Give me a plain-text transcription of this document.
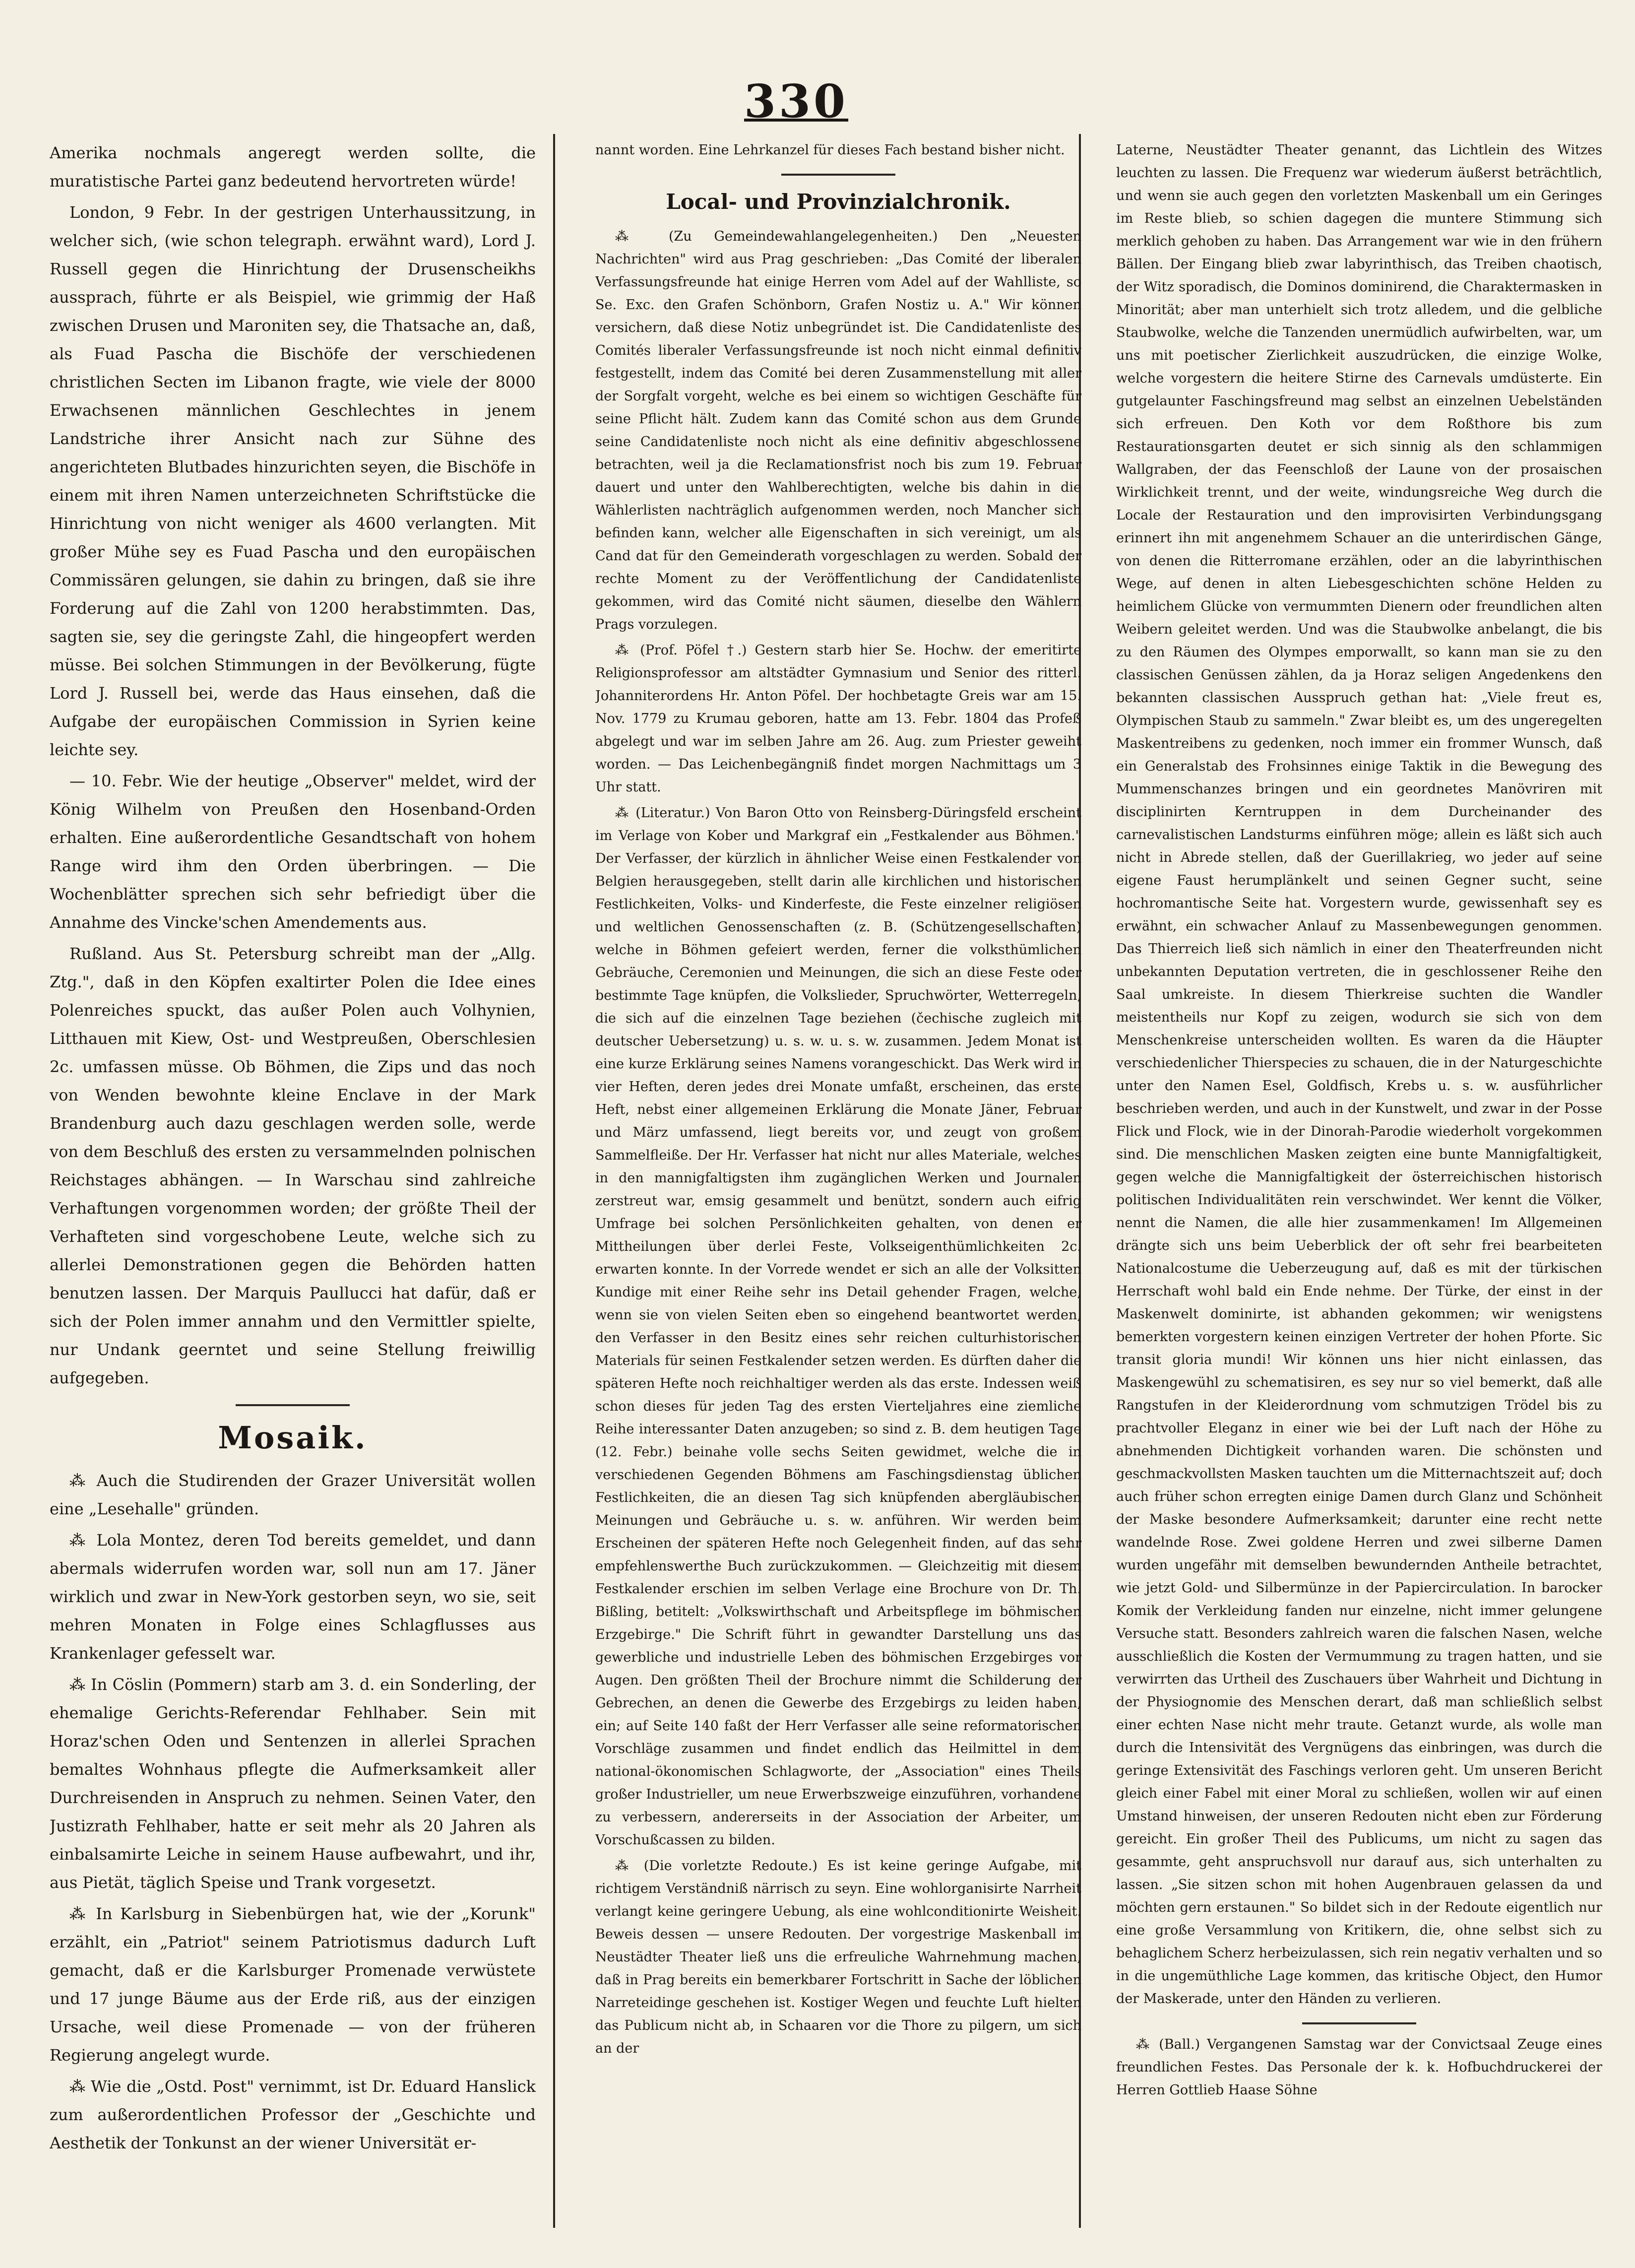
330

Amerika nochmals angeregt werden sollte, die muratistische Partei ganz bedeutend hervortreten würde!

London, 9 Febr. In der gestrigen Unterhaussitzung, in welcher sich, (wie schon telegraph. erwähnt ward), Lord J. Russell gegen die Hinrichtung der Drusenscheikhs aussprach, führte er als Beispiel, wie grimmig der Haß zwischen Drusen und Maroniten sey, die Thatsache an, daß, als Fuad Pascha die Bischöfe der verschiedenen christlichen Secten im Libanon fragte, wie viele der 8000 Erwachsenen männlichen Geschlechtes in jenem Landstriche ihrer Ansicht nach zur Sühne des angerichteten Blutbades hinzurichten seyen, die Bischöfe in einem mit ihren Namen unterzeichneten Schriftstücke die Hinrichtung von nicht weniger als 4600 verlangten. Mit großer Mühe sey es Fuad Pascha und den europäischen Commissären gelungen, sie dahin zu bringen, daß sie ihre Forderung auf die Zahl von 1200 herabstimmten. Das, sagten sie, sey die geringste Zahl, die hingeopfert werden müsse. Bei solchen Stimmungen in der Bevölkerung, fügte Lord J. Russell bei, werde das Haus einsehen, daß die Aufgabe der europäischen Commission in Syrien keine leichte sey.

— 10. Febr. Wie der heutige „Observer" meldet, wird der König Wilhelm von Preußen den Hosenband-Orden erhalten. Eine außerordentliche Gesandtschaft von hohem Range wird ihm den Orden überbringen. — Die Wochenblätter sprechen sich sehr befriedigt über die Annahme des Vincke'schen Amendements aus.

Rußland. Aus St. Petersburg schreibt man der „Allg. Ztg.", daß in den Köpfen exaltirter Polen die Idee eines Polenreiches spuckt, das außer Polen auch Volhynien, Litthauen mit Kiew, Ost- und Westpreußen, Oberschlesien 2c. umfassen müsse. Ob Böhmen, die Zips und das noch von Wenden bewohnte kleine Enclave in der Mark Brandenburg auch dazu geschlagen werden solle, werde von dem Beschluß des ersten zu versammelnden polnischen Reichstages abhängen. — In Warschau sind zahlreiche Verhaftungen vorgenommen worden; der größte Theil der Verhafteten sind vorgeschobene Leute, welche sich zu allerlei Demonstrationen gegen die Behörden hatten benutzen lassen. Der Marquis Paullucci hat dafür, daß er sich der Polen immer annahm und den Vermittler spielte, nur Undank geerntet und seine Stellung freiwillig aufgegeben.

Mosaik.

⁂ Auch die Studirenden der Grazer Universität wollen eine „Lesehalle" gründen.

⁂ Lola Montez, deren Tod bereits gemeldet, und dann abermals widerrufen worden war, soll nun am 17. Jäner wirklich und zwar in New-York gestorben seyn, wo sie, seit mehren Monaten in Folge eines Schlagflusses aus Krankenlager gefesselt war.

⁂ In Cöslin (Pommern) starb am 3. d. ein Sonderling, der ehemalige Gerichts-Referendar Fehlhaber. Sein mit Horaz'schen Oden und Sentenzen in allerlei Sprachen bemaltes Wohnhaus pflegte die Aufmerksamkeit aller Durchreisenden in Anspruch zu nehmen. Seinen Vater, den Justizrath Fehlhaber, hatte er seit mehr als 20 Jahren als einbalsamirte Leiche in seinem Hause aufbewahrt, und ihr, aus Pietät, täglich Speise und Trank vorgesetzt.

⁂ In Karlsburg in Siebenbürgen hat, wie der „Korunk" erzählt, ein „Patriot" seinem Patriotismus dadurch Luft gemacht, daß er die Karlsburger Promenade verwüstete und 17 junge Bäume aus der Erde riß, aus der einzigen Ursache, weil diese Promenade — von der früheren Regierung angelegt wurde.

⁂ Wie die „Ostd. Post" vernimmt, ist Dr. Eduard Hanslick zum außerordentlichen Professor der „Geschichte und Aesthetik der Tonkunst an der wiener Universität er-

nannt worden. Eine Lehrkanzel für dieses Fach bestand bisher nicht.

Local- und Provinzialchronik.

⁂ (Zu Gemeindewahlangelegenheiten.) Den „Neuesten Nachrichten" wird aus Prag geschrieben: „Das Comité der liberalen Verfassungsfreunde hat einige Herren vom Adel auf der Wahlliste, so Se. Exc. den Grafen Schönborn, Grafen Nostiz u. A." Wir können versichern, daß diese Notiz unbegründet ist. Die Candidatenliste des Comités liberaler Verfassungsfreunde ist noch nicht einmal definitiv festgestellt, indem das Comité bei deren Zusammenstellung mit aller der Sorgfalt vorgeht, welche es bei einem so wichtigen Geschäfte für seine Pflicht hält. Zudem kann das Comité schon aus dem Grunde seine Candidatenliste noch nicht als eine definitiv abgeschlossene betrachten, weil ja die Reclamationsfrist noch bis zum 19. Februar dauert und unter den Wahlberechtigten, welche bis dahin in die Wählerlisten nachträglich aufgenommen werden, noch Mancher sich befinden kann, welcher alle Eigenschaften in sich vereinigt, um als Cand dat für den Gemeinderath vorgeschlagen zu werden. Sobald der rechte Moment zu der Veröffentlichung der Candidatenliste gekommen, wird das Comité nicht säumen, dieselbe den Wählern Prags vorzulegen.

⁂ (Prof. Pöfel †.) Gestern starb hier Se. Hochw. der emeritirte Religionsprofessor am altstädter Gymnasium und Senior des ritterl. Johanniterordens Hr. Anton Pöfel. Der hochbetagte Greis war am 15. Nov. 1779 zu Krumau geboren, hatte am 13. Febr. 1804 das Profeß abgelegt und war im selben Jahre am 26. Aug. zum Priester geweiht worden. — Das Leichenbegängniß findet morgen Nachmittags um 3 Uhr statt.

⁂ (Literatur.) Von Baron Otto von Reinsberg-Düringsfeld erscheint im Verlage von Kober und Markgraf ein „Festkalender aus Böhmen." Der Verfasser, der kürzlich in ähnlicher Weise einen Festkalender von Belgien herausgegeben, stellt darin alle kirchlichen und historischen Festlichkeiten, Volks- und Kinderfeste, die Feste einzelner religiösen und weltlichen Genossenschaften (z. B. (Schützengesellschaften) welche in Böhmen gefeiert werden, ferner die volksthümlichen Gebräuche, Ceremonien und Meinungen, die sich an diese Feste oder bestimmte Tage knüpfen, die Volkslieder, Spruchwörter, Wetterregeln, die sich auf die einzelnen Tage beziehen (čechische zugleich mit deutscher Uebersetzung) u. s. w. u. s. w. zusammen. Jedem Monat ist eine kurze Erklärung seines Namens vorangeschickt. Das Werk wird in vier Heften, deren jedes drei Monate umfaßt, erscheinen, das erste Heft, nebst einer allgemeinen Erklärung die Monate Jäner, Februar und März umfassend, liegt bereits vor, und zeugt von großem Sammelfleiße. Der Hr. Verfasser hat nicht nur alles Materiale, welches in den mannigfaltigsten ihm zugänglichen Werken und Journalen zerstreut war, emsig gesammelt und benützt, sondern auch eifrig Umfrage bei solchen Persönlichkeiten gehalten, von denen er Mittheilungen über derlei Feste, Volkseigenthümlichkeiten 2c. erwarten konnte. In der Vorrede wendet er sich an alle der Volksitten Kundige mit einer Reihe sehr ins Detail gehender Fragen, welche, wenn sie von vielen Seiten eben so eingehend beantwortet werden, den Verfasser in den Besitz eines sehr reichen culturhistorischen Materials für seinen Festkalender setzen werden. Es dürften daher die späteren Hefte noch reichhaltiger werden als das erste. Indessen weiß schon dieses für jeden Tag des ersten Vierteljahres eine ziemliche Reihe interessanter Daten anzugeben; so sind z. B. dem heutigen Tage (12. Febr.) beinahe volle sechs Seiten gewidmet, welche die in verschiedenen Gegenden Böhmens am Faschingsdienstag üblichen Festlichkeiten, die an diesen Tag sich knüpfenden abergläubischen Meinungen und Gebräuche u. s. w. anführen. Wir werden beim Erscheinen der späteren Hefte noch Gelegenheit finden, auf das sehr empfehlenswerthe Buch zurückzukommen. — Gleichzeitig mit diesem Festkalender erschien im selben Verlage eine Brochure von Dr. Th. Bißling, betitelt: „Volkswirthschaft und Arbeitspflege im böhmischen Erzgebirge." Die Schrift führt in gewandter Darstellung uns das gewerbliche und industrielle Leben des böhmischen Erzgebirges vor Augen. Den größten Theil der Brochure nimmt die Schilderung der Gebrechen, an denen die Gewerbe des Erzgebirgs zu leiden haben, ein; auf Seite 140 faßt der Herr Verfasser alle seine reformatorischen Vorschläge zusammen und findet endlich das Heilmittel in dem national-ökonomischen Schlagworte, der „Association" eines Theils großer Industrieller, um neue Erwerbszweige einzuführen, vorhandene zu verbessern, andererseits in der Association der Arbeiter, um Vorschußcassen zu bilden.

⁂ (Die vorletzte Redoute.) Es ist keine geringe Aufgabe, mit richtigem Verständniß närrisch zu seyn. Eine wohlorganisirte Narrheit verlangt keine geringere Uebung, als eine wohlconditionirte Weisheit. Beweis dessen — unsere Redouten. Der vorgestrige Maskenball im Neustädter Theater ließ uns die erfreuliche Wahrnehmung machen, daß in Prag bereits ein bemerkbarer Fortschritt in Sache der löblichen Narreteidinge geschehen ist. Kostiger Wegen und feuchte Luft hielten das Publicum nicht ab, in Schaaren vor die Thore zu pilgern, um sich an der

Laterne, Neustädter Theater genannt, das Lichtlein des Witzes leuchten zu lassen. Die Frequenz war wiederum äußerst beträchtlich, und wenn sie auch gegen den vorletzten Maskenball um ein Geringes im Reste blieb, so schien dagegen die muntere Stimmung sich merklich gehoben zu haben. Das Arrangement war wie in den frühern Bällen. Der Eingang blieb zwar labyrinthisch, das Treiben chaotisch, der Witz sporadisch, die Dominos dominirend, die Charaktermasken in Minorität; aber man unterhielt sich trotz alledem, und die gelbliche Staubwolke, welche die Tanzenden unermüdlich aufwirbelten, war, um uns mit poetischer Zierlichkeit auszudrücken, die einzige Wolke, welche vorgestern die heitere Stirne des Carnevals umdüsterte. Ein gutgelaunter Faschingsfreund mag selbst an einzelnen Uebelständen sich erfreuen. Den Koth vor dem Roßthore bis zum Restaurationsgarten deutet er sich sinnig als den schlammigen Wallgraben, der das Feenschloß der Laune von der prosaischen Wirklichkeit trennt, und der weite, windungsreiche Weg durch die Locale der Restauration und den improvisirten Verbindungsgang erinnert ihn mit angenehmem Schauer an die unterirdischen Gänge, von denen die Ritterromane erzählen, oder an die labyrinthischen Wege, auf denen in alten Liebesgeschichten schöne Helden zu heimlichem Glücke von vermummten Dienern oder freundlichen alten Weibern geleitet werden. Und was die Staubwolke anbelangt, die bis zu den Räumen des Olympes emporwallt, so kann man sie zu den classischen Genüssen zählen, da ja Horaz seligen Angedenkens den bekannten classischen Ausspruch gethan hat: „Viele freut es, Olympischen Staub zu sammeln." Zwar bleibt es, um des ungeregelten Maskentreibens zu gedenken, noch immer ein frommer Wunsch, daß ein Generalstab des Frohsinnes einige Taktik in die Bewegung des Mummenschanzes bringen und ein geordnetes Manövriren mit disciplinirten Kerntruppen in dem Durcheinander des carnevalistischen Landsturms einführen möge; allein es läßt sich auch nicht in Abrede stellen, daß der Guerillakrieg, wo jeder auf seine eigene Faust herumplänkelt und seinen Gegner sucht, seine hochromantische Seite hat. Vorgestern wurde, gewissenhaft sey es erwähnt, ein schwacher Anlauf zu Massenbewegungen genommen. Das Thierreich ließ sich nämlich in einer den Theaterfreunden nicht unbekannten Deputation vertreten, die in geschlossener Reihe den Saal umkreiste. In diesem Thierkreise suchten die Wandler meistentheils nur Kopf zu zeigen, wodurch sie sich von dem Menschenkreise unterscheiden wollten. Es waren da die Häupter verschiedenlicher Thierspecies zu schauen, die in der Naturgeschichte unter den Namen Esel, Goldfisch, Krebs u. s. w. ausführlicher beschrieben werden, und auch in der Kunstwelt, und zwar in der Posse Flick und Flock, wie in der Dinorah-Parodie wiederholt vorgekommen sind. Die menschlichen Masken zeigten eine bunte Mannigfaltigkeit, gegen welche die Mannigfaltigkeit der österreichischen historisch politischen Individualitäten rein verschwindet. Wer kennt die Völker, nennt die Namen, die alle hier zusammenkamen! Im Allgemeinen drängte sich uns beim Ueberblick der oft sehr frei bearbeiteten Nationalcostume die Ueberzeugung auf, daß es mit der türkischen Herrschaft wohl bald ein Ende nehme. Der Türke, der einst in der Maskenwelt dominirte, ist abhanden gekommen; wir wenigstens bemerkten vorgestern keinen einzigen Vertreter der hohen Pforte. Sic transit gloria mundi! Wir können uns hier nicht einlassen, das Maskengewühl zu schematisiren, es sey nur so viel bemerkt, daß alle Rangstufen in der Kleiderordnung vom schmutzigen Trödel bis zu prachtvoller Eleganz in einer wie bei der Luft nach der Höhe zu abnehmenden Dichtigkeit vorhanden waren. Die schönsten und geschmackvollsten Masken tauchten um die Mitternachtszeit auf; doch auch früher schon erregten einige Damen durch Glanz und Schönheit der Maske besondere Aufmerksamkeit; darunter eine recht nette wandelnde Rose. Zwei goldene Herren und zwei silberne Damen wurden ungefähr mit demselben bewundernden Antheile betrachtet, wie jetzt Gold- und Silbermünze in der Papiercirculation. In barocker Komik der Verkleidung fanden nur einzelne, nicht immer gelungene Versuche statt. Besonders zahlreich waren die falschen Nasen, welche ausschließlich die Kosten der Vermummung zu tragen hatten, und sie verwirrten das Urtheil des Zuschauers über Wahrheit und Dichtung in der Physiognomie des Menschen derart, daß man schließlich selbst einer echten Nase nicht mehr traute. Getanzt wurde, als wolle man durch die Intensivität des Vergnügens das einbringen, was durch die geringe Extensivität des Faschings verloren geht. Um unseren Bericht gleich einer Fabel mit einer Moral zu schließen, wollen wir auf einen Umstand hinweisen, der unseren Redouten nicht eben zur Förderung gereicht. Ein großer Theil des Publicums, um nicht zu sagen das gesammte, geht anspruchsvoll nur darauf aus, sich unterhalten zu lassen. „Sie sitzen schon mit hohen Augenbrauen gelassen da und möchten gern erstaunen." So bildet sich in der Redoute eigentlich nur eine große Versammlung von Kritikern, die, ohne selbst sich zu behaglichem Scherz herbeizulassen, sich rein negativ verhalten und so in die ungemüthliche Lage kommen, das kritische Object, den Humor der Maskerade, unter den Händen zu verlieren.

⁂ (Ball.) Vergangenen Samstag war der Convictsaal Zeuge eines freundlichen Festes. Das Personale der k. k. Hofbuchdruckerei der Herren Gottlieb Haase Söhne
